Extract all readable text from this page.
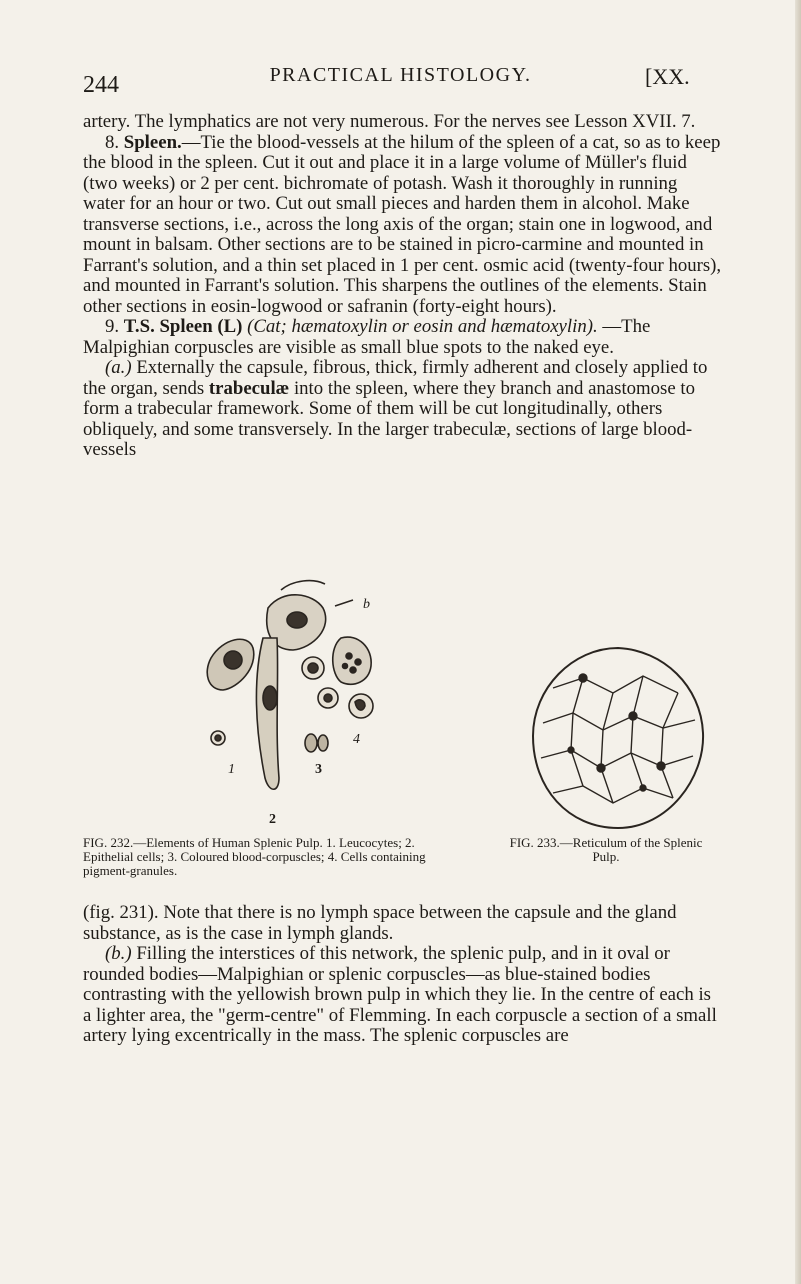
244	PRACTICAL HISTOLOGY.	[XX.

artery. The lymphatics are not very numerous. For the nerves see Lesson XVII. 7.

8. Spleen.—Tie the blood-vessels at the hilum of the spleen of a cat, so as to keep the blood in the spleen. Cut it out and place it in a large volume of Müller's fluid (two weeks) or 2 per cent. bichromate of potash. Wash it thoroughly in running water for an hour or two. Cut out small pieces and harden them in alcohol. Make transverse sections, i.e., across the long axis of the organ; stain one in logwood, and mount in balsam. Other sections are to be stained in picro-carmine and mounted in Farrant's solution, and a thin set placed in 1 per cent. osmic acid (twenty-four hours), and mounted in Farrant's solution. This sharpens the outlines of the elements. Stain other sections in eosin-logwood or safranin (forty-eight hours).

9. T.S. Spleen (L) (Cat; hæmatoxylin or eosin and hæmatoxylin). —The Malpighian corpuscles are visible as small blue spots to the naked eye.

(a.) Externally the capsule, fibrous, thick, firmly adherent and closely applied to the organ, sends trabeculæ into the spleen, where they branch and anastomose to form a trabecular framework. Some of them will be cut longitudinally, others obliquely, and some transversely. In the larger trabeculæ, sections of large blood-vessels

b
1
2
3
4
FIG. 232.—Elements of Human Splenic Pulp. 1. Leucocytes; 2. Epithelial cells; 3. Coloured blood-corpuscles; 4. Cells containing pigment-granules.
FIG. 233.—Reticulum of the Splenic Pulp.

(fig. 231). Note that there is no lymph space between the capsule and the gland substance, as is the case in lymph glands.

(b.) Filling the interstices of this network, the splenic pulp, and in it oval or rounded bodies—Malpighian or splenic corpuscles—as blue-stained bodies contrasting with the yellowish brown pulp in which they lie. In the centre of each is a lighter area, the "germ-centre" of Flemming. In each corpuscle a section of a small artery lying excentrically in the mass. The splenic corpuscles are
